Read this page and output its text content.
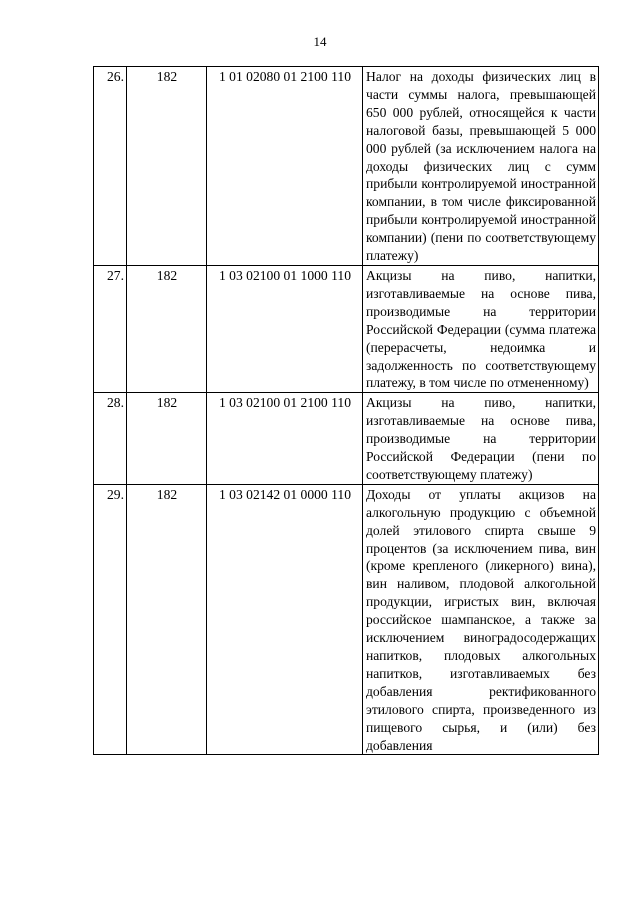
14
26.	182	1 01 02080 01 2100 110	Налог на доходы физических лиц в части суммы налога, превышающей 650 000 рублей, относящейся к части налоговой базы, превышающей 5 000 000 рублей (за исключением налога на доходы физических лиц с сумм прибыли контролируемой иностранной компании, в том числе фиксированной прибыли контролируемой иностранной компании) (пени по соответствующему платежу)
27.	182	1 03 02100 01 1000 110	Акцизы на пиво, напитки, изготавливаемые на основе пива, производимые на территории Российской Федерации (сумма платежа (перерасчеты, недоимка и задолженность по соответствующему платежу, в том числе по отмененному)
28.	182	1 03 02100 01 2100 110	Акцизы на пиво, напитки, изготавливаемые на основе пива, производимые на территории Российской Федерации (пени по соответствующему платежу)
29.	182	1 03 02142 01 0000 110	Доходы от уплаты акцизов на алкогольную продукцию с объемной долей этилового спирта свыше 9 процентов (за исключением пива, вин (кроме крепленого (ликерного) вина), вин наливом, плодовой алкогольной продукции, игристых вин, включая российское шампанское, а также за исключением виноградосодержащих напитков, плодовых алкогольных напитков, изготавливаемых без добавления ректификованного этилового спирта, произведенного из пищевого сырья, и (или) без добавления
